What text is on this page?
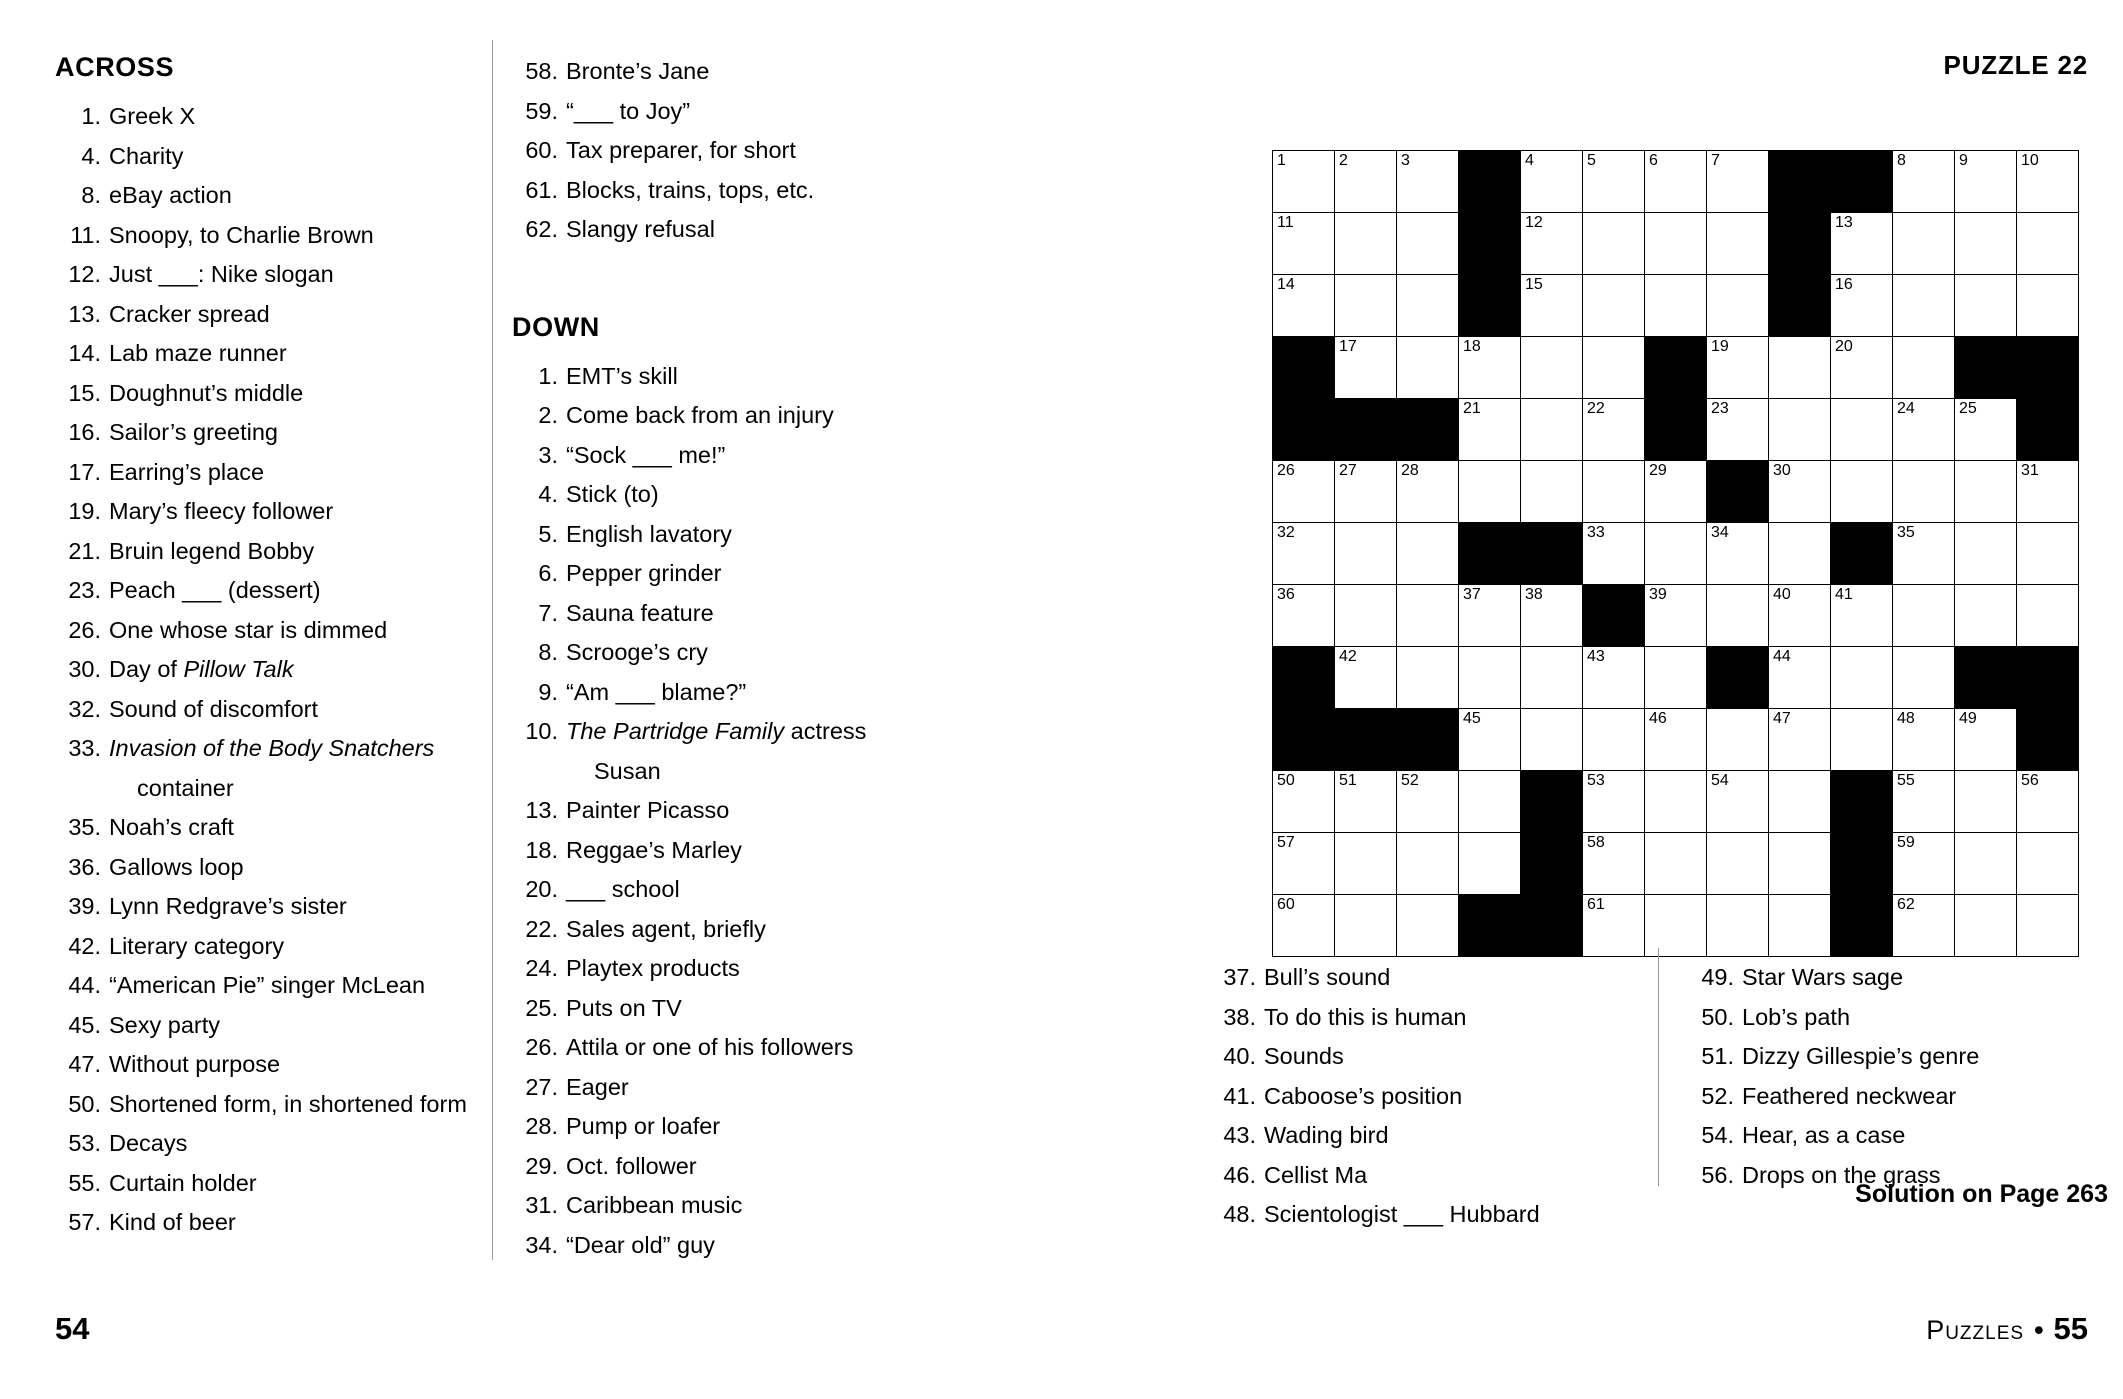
ACROSS
1. Greek X
4. Charity
8. eBay action
11. Snoopy, to Charlie Brown
12. Just ___: Nike slogan
13. Cracker spread
14. Lab maze runner
15. Doughnut’s middle
16. Sailor’s greeting
17. Earring’s place
19. Mary’s fleecy follower
21. Bruin legend Bobby
23. Peach ___ (dessert)
26. One whose star is dimmed
30. Day of Pillow Talk
32. Sound of discomfort
33. Invasion of the Body Snatchers
container
35. Noah’s craft
36. Gallows loop
39. Lynn Redgrave’s sister
42. Literary category
44. “American Pie” singer McLean
45. Sexy party
47. Without purpose
50. Shortened form, in shortened form
53. Decays
55. Curtain holder
57. Kind of beer
58. Bronte’s Jane
59. “___ to Joy”
60. Tax preparer, for short
61. Blocks, trains, tops, etc.
62. Slangy refusal
DOWN
1. EMT’s skill
2. Come back from an injury
3. “Sock ___ me!”
4. Stick (to)
5. English lavatory
6. Pepper grinder
7. Sauna feature
8. Scrooge’s cry
9. “Am ___ blame?”
10. The Partridge Family actress
Susan
13. Painter Picasso
18. Reggae’s Marley
20. ___ school
22. Sales agent, briefly
24. Playtex products
25. Puts on TV
26. Attila or one of his followers
27. Eager
28. Pump or loafer
29. Oct. follower
31. Caribbean music
34. “Dear old” guy
54
PUZZLE 22
1	2	3		4	5	6	7			8	9	10

11				12					13			

14				15					16			

	17		18				19		20			

			21		22		23			24	25	

26	27	28				29		30				31

32					33		34			35		

36			37	38		39		40	41			

	42				43			44				

			45			46		47		48	49	

50	51	52			53		54			55		56

57					58					59		

60					61					62		

37. Bull’s sound
38. To do this is human
40. Sounds
41. Caboose’s position
43. Wading bird
46. Cellist Ma
48. Scientologist ___ Hubbard
49. Star Wars sage
50. Lob’s path
51. Dizzy Gillespie’s genre
52. Feathered neckwear
54. Hear, as a case
56. Drops on the grass
Solution on Page 263
Puzzles • 55
